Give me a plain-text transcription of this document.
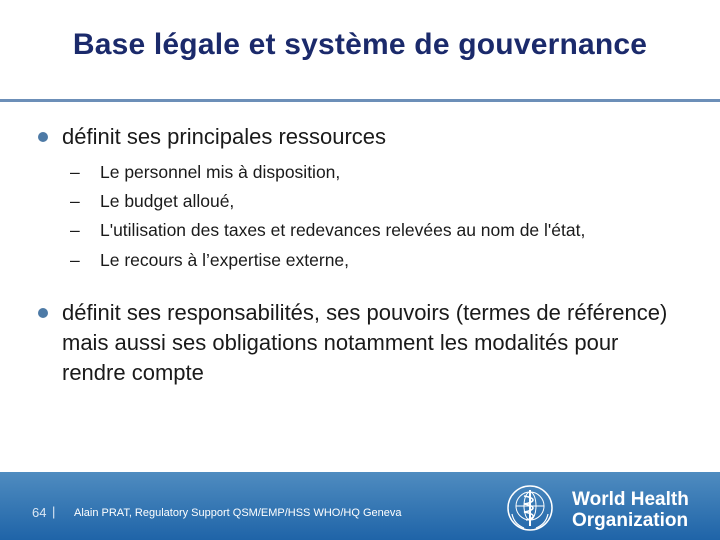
Base légale et système de gouvernance
définit ses principales ressources
– Le personnel mis à disposition,
– Le budget alloué,
– L'utilisation des taxes et redevances relevées au nom de l'état,
– Le recours à l’expertise externe,
définit ses responsabilités, ses pouvoirs (termes de référence) mais aussi ses obligations notamment les modalités pour rendre compte
64 | Alain PRAT, Regulatory Support QSM/EMP/HSS WHO/HQ Geneva
World Health
Organization
